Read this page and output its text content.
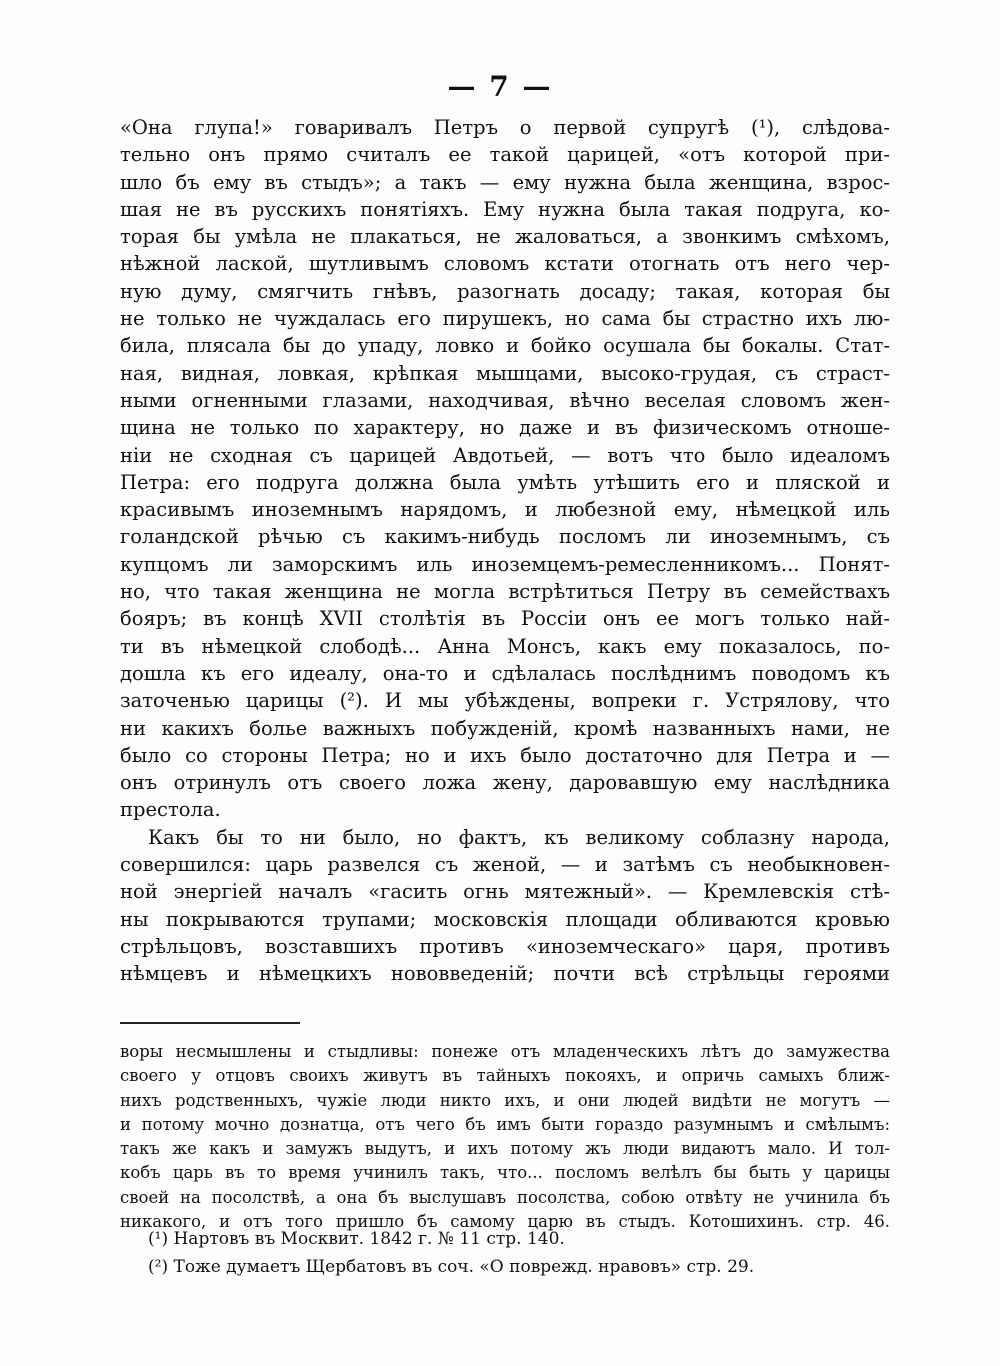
— 7 —
«Она глупа!» говаривалъ Петръ о первой супругѣ (¹), слѣдова-
тельно онъ прямо считалъ ее такой царицей, «отъ которой при-
шло бъ ему въ стыдъ»; а такъ — ему нужна была женщина, взрос-
шая не въ русскихъ понятіяхъ. Ему нужна была такая подруга, ко-
торая бы умѣла не плакаться, не жаловаться, а звонкимъ смѣхомъ,
нѣжной лаской, шутливымъ словомъ кстати отогнать отъ него чер-
ную думу, смягчить гнѣвъ, разогнать досаду; такая, которая бы
не только не чуждалась его пирушекъ, но сама бы страстно ихъ лю-
била, плясала бы до упаду, ловко и бойко осушала бы бокалы. Стат-
ная, видная, ловкая, крѣпкая мышцами, высоко-грудая, съ страст-
ными огненными глазами, находчивая, вѣчно веселая словомъ жен-
щина не только по характеру, но даже и въ физическомъ отноше-
ніи не сходная съ царицей Авдотьей, — вотъ что было идеаломъ
Петра: его подруга должна была умѣть утѣшить его и пляской и
красивымъ иноземнымъ нарядомъ, и любезной ему, нѣмецкой иль
голандской рѣчью съ какимъ-нибудь посломъ ли иноземнымъ, съ
купцомъ ли заморскимъ иль иноземцемъ-ремесленникомъ... Понят-
но, что такая женщина не могла встрѣтиться Петру въ семействахъ
бояръ; въ концѣ XVII столѣтія въ Россіи онъ ее могъ только най-
ти въ нѣмецкой слободѣ... Анна Монсъ, какъ ему показалось, по-
дошла къ его идеалу, она-то и сдѣлалась послѣднимъ поводомъ къ
заточенью царицы (²). И мы убѣждены, вопреки г. Устрялову, что
ни какихъ болье важныхъ побужденій, кромѣ названныхъ нами, не
было со стороны Петра; но и ихъ было достаточно для Петра и —
онъ отринулъ отъ своего ложа жену, даровавшую ему наслѣдника
престола.
Какъ бы то ни было, но фактъ, къ великому соблазну народа,
совершился: царь развелся съ женой, — и затѣмъ съ необыкновен-
ной энергіей началъ «гасить огнь мятежный». — Кремлевскія стѣ-
ны покрываются трупами; московскія площади обливаются кровью
стрѣльцовъ, возставшихъ противъ «иноземческаго» царя, противъ
нѣмцевъ и нѣмецкихъ нововведеній; почти всѣ стрѣльцы героями
воры несмышлены и стыдливы: понеже отъ младенческихъ лѣтъ до замужества
своего у отцовъ своихъ живутъ въ тайныхъ покояхъ, и опричь самыхъ ближ-
нихъ родственныхъ, чужіе люди никто ихъ, и они людей видѣти не могутъ —
и потому мочно дознатца, отъ чего бъ имъ быти гораздо разумнымъ и смѣлымъ:
такъ же какъ и замужъ выдутъ, и ихъ потому жъ люди видаютъ мало. И тол-
кобъ царь въ то время учинилъ такъ, что... посломъ велѣлъ бы быть у царицы
своей на посолствѣ, а она бъ выслушавъ посолства, собою отвѣту не учинила бъ
никакого, и отъ того пришло бъ самому царю въ стыдъ. Котошихинъ. стр. 46.
(¹) Нартовъ въ Москвит. 1842 г. № 11 стр. 140.
(²) Тоже думаетъ Щербатовъ въ соч. «О поврежд. нравовъ» стр. 29.
